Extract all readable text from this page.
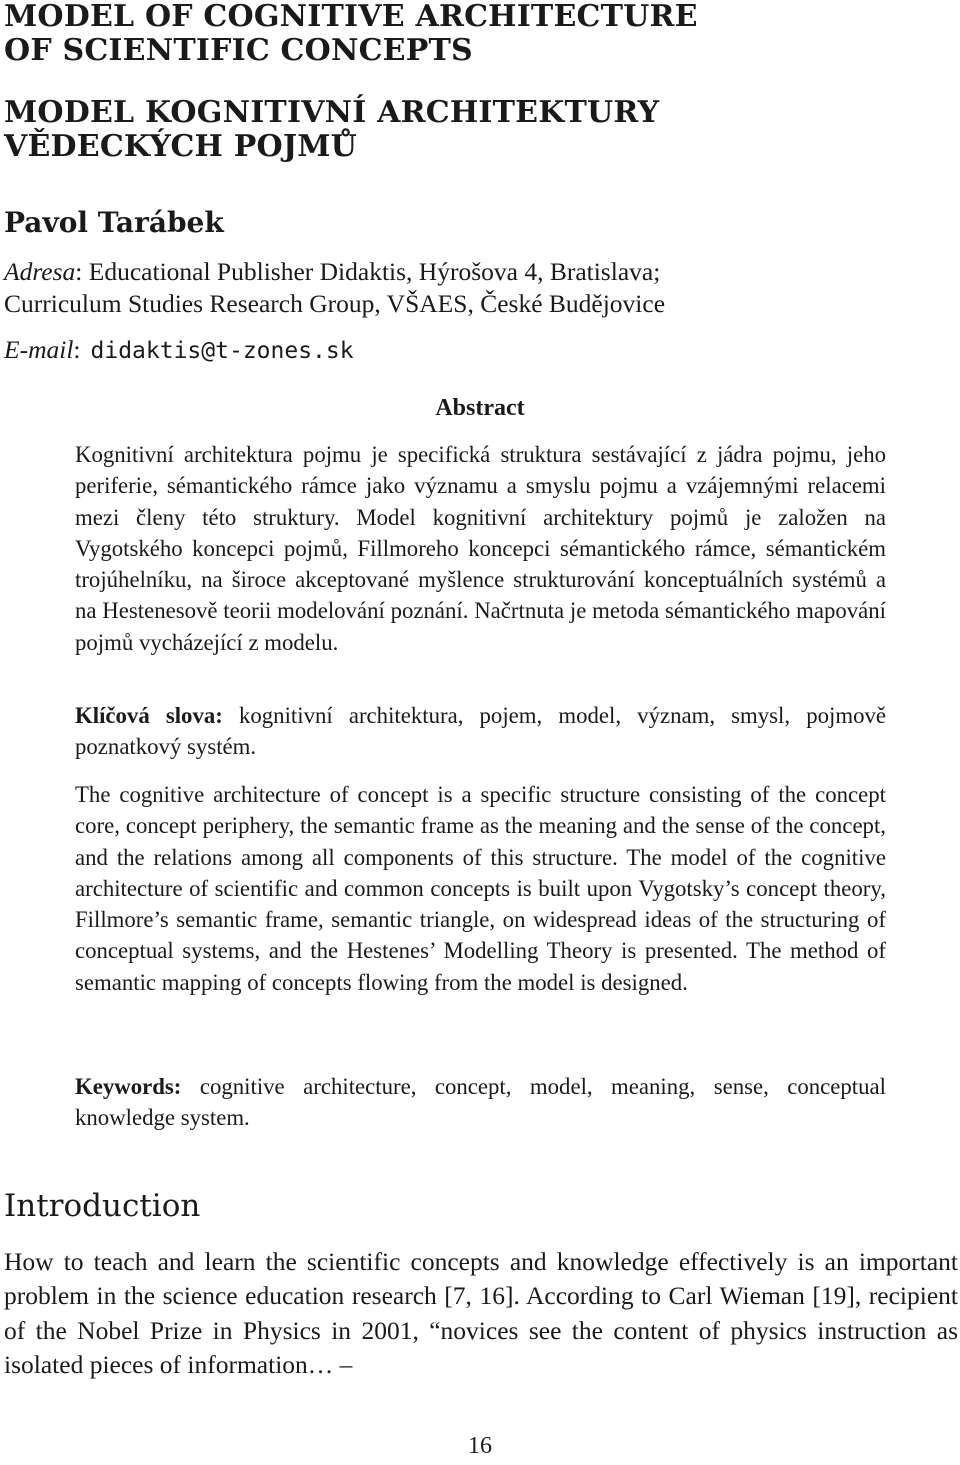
MODEL OF COGNITIVE ARCHITECTURE
OF SCIENTIFIC CONCEPTS
MODEL KOGNITIVNÍ ARCHITEKTURY
VĚDECKÝCH POJMŮ
Pavol Tarábek
Adresa: Educational Publisher Didaktis, Hýrošova 4, Bratislava;
Curriculum Studies Research Group, VŠAES, České Budějovice
E-mail: didaktis@t-zones.sk
Abstract

Kognitivní architektura pojmu je specifická struktura sestávající z jádra pojmu, jeho periferie, sémantického rámce jako významu a smyslu pojmu a vzájemnými relacemi mezi členy této struktury. Model kognitivní architektury pojmů je založen na Vygotského koncepci pojmů, Fillmoreho koncepci sémantického rámce, sémantickém trojúhelníku, na široce akceptované myšlence strukturování konceptuálních systémů a na Hestenesově teorii modelování poznání. Načrtnuta je metoda sémantického mapování pojmů vycházející z modelu.

Klíčová slova: kognitivní architektura, pojem, model, význam, smysl, pojmově poznatkový systém.

The cognitive architecture of concept is a specific structure consisting of the concept core, concept periphery, the semantic frame as the meaning and the sense of the concept, and the relations among all components of this structure. The model of the cognitive architecture of scientific and common concepts is built upon Vygotsky’s concept theory, Fillmore’s semantic frame, semantic triangle, on widespread ideas of the structuring of conceptual systems, and the Hestenes’ Modelling Theory is presented. The method of semantic mapping of concepts flowing from the model is designed.

Keywords: cognitive architecture, concept, model, meaning, sense, conceptual knowledge system.

Introduction

How to teach and learn the scientific concepts and knowledge effectively is an important problem in the science education research [7, 16]. According to Carl Wieman [19], recipient of the Nobel Prize in Physics in 2001, “novices see the content of physics instruction as isolated pieces of information… –

16
